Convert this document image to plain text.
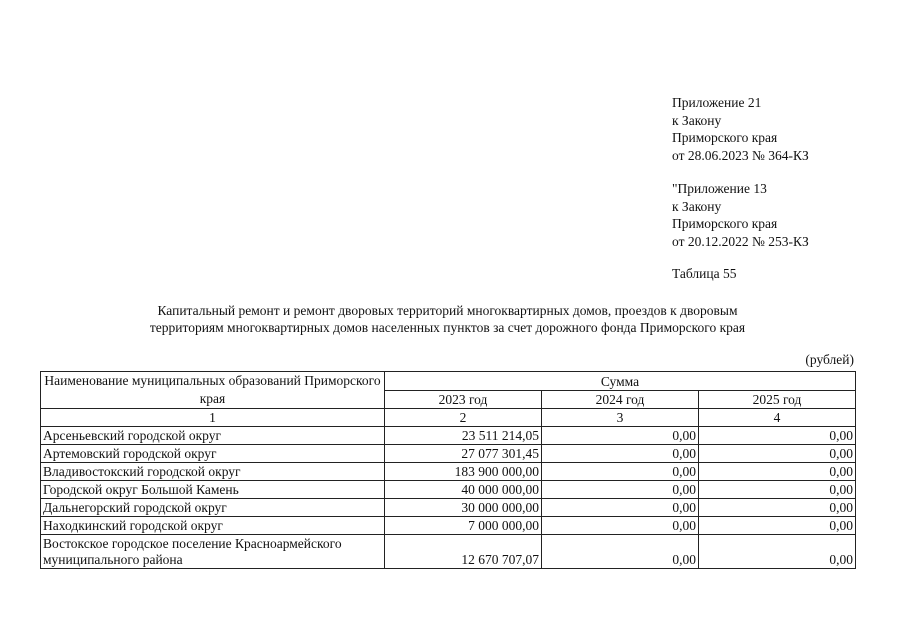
Приложение 21
к Закону
Приморского края
от 28.06.2023 № 364-КЗ
"Приложение 13
к Закону
Приморского края
от 20.12.2022 № 253-КЗ
Таблица 55
Капитальный ремонт и ремонт дворовых территорий многоквартирных домов, проездов к дворовым
территориям многоквартирных домов населенных пунктов за счет дорожного фонда Приморского края
(рублей)
Наименование муниципальных образований Приморского края	Сумма		
	2023 год	2024 год	2025 год
1	2	3	4
Арсеньевский городской округ	23 511 214,05	0,00	0,00
Артемовский городской округ	27 077 301,45	0,00	0,00
Владивостокский городской округ	183 900 000,00	0,00	0,00
Городской округ Большой Камень	40 000 000,00	0,00	0,00
Дальнегорский городской округ	30 000 000,00	0,00	0,00
Находкинский городской округ	7 000 000,00	0,00	0,00
Востокское городское поселение Красноармейского муниципального района	12 670 707,07	0,00	0,00
